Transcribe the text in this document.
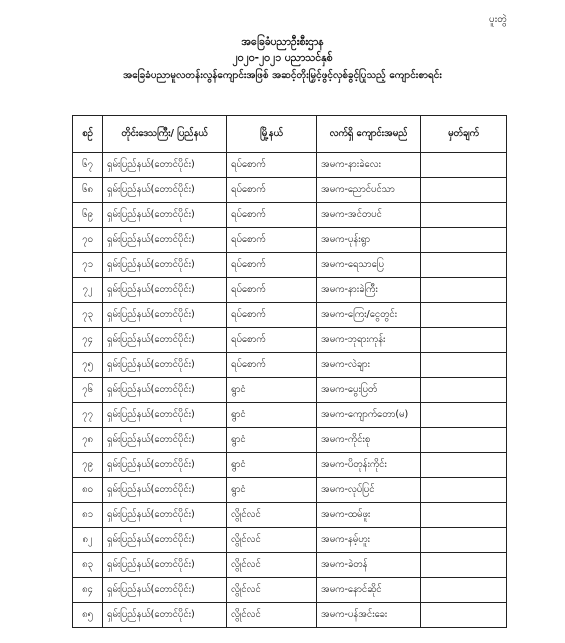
ပူးတွဲ
အခြေခံပညာဦးစီးဌာန
၂၀၂၀-၂၀၂၁ ပညာသင်နှစ်
အခြေခံပညာမူလတန်းလွန်ကျောင်းအဖြစ် အဆင့်တိုးမြှင့်ဖွင့်လှစ်ခွင့်ပြုသည့် ကျောင်းစာရင်း
စဉ်	တိုင်းဒေသကြီး/ ပြည်နယ်	မြို့နယ်	လက်ရှိ ကျောင်းအမည်	မှတ်ချက်
၆၇	ရှမ်းပြည်နယ်(တောင်ပိုင်း)	ရပ်စောက်	အမက-နားခဲလေး	
၆၈	ရှမ်းပြည်နယ်(တောင်ပိုင်း)	ရပ်စောက်	အမက-ညောင်ပင်သာ	
၆၉	ရှမ်းပြည်နယ်(တောင်ပိုင်း)	ရပ်စောက်	အမက-အင်တပင်	
၇၀	ရှမ်းပြည်နယ်(တောင်ပိုင်း)	ရပ်စောက်	အမက-ပုန်းရွာ	
၇၁	ရှမ်းပြည်နယ်(တောင်ပိုင်း)	ရပ်စောက်	အမက-ရေသာပြေ	
၇၂	ရှမ်းပြည်နယ်(တောင်ပိုင်း)	ရပ်စောက်	အမက-နားခဲကြီး	
၇၃	ရှမ်းပြည်နယ်(တောင်ပိုင်း)	ရပ်စောက်	အမက-ကြေး/ငွေတွင်း	
၇၄	ရှမ်းပြည်နယ်(တောင်ပိုင်း)	ရပ်စောက်	အမက-ဘုရားကုန်း	
၇၅	ရှမ်းပြည်နယ်(တောင်ပိုင်း)	ရပ်စောက်	အမက-လဲချား	
၇၆	ရှမ်းပြည်နယ်(တောင်ပိုင်း)	ရွာငံ	အမက-ပွေးပြတ်	
၇၇	ရှမ်းပြည်နယ်(တောင်ပိုင်း)	ရွာငံ	အမက-ကျောက်တော(မ)	
၇၈	ရှမ်းပြည်နယ်(တောင်ပိုင်း)	ရွာငံ	အမက-ကိုင်းစု	
၇၉	ရှမ်းပြည်နယ်(တောင်ပိုင်း)	ရွာငံ	အမက-ပိတုန်းကိုင်း	
၈၀	ရှမ်းပြည်နယ်(တောင်ပိုင်း)	ရွာငံ	အမက-လုပ်ပြင်	
၈၁	ရှမ်းပြည်နယ်(တောင်ပိုင်း)	လွိုင်လင်	အမက-ထမ်ဖူး	
၈၂	ရှမ်းပြည်နယ်(တောင်ပိုင်း)	လွိုင်လင်	အမက-နမ့်ဟူး	
၈၃	ရှမ်းပြည်နယ်(တောင်ပိုင်း)	လွိုင်လင်	အမက-ခဲတန်	
၈၄	ရှမ်းပြည်နယ်(တောင်ပိုင်း)	လွိုင်လင်	အမက-နောင်ဆိုင်	
၈၅	ရှမ်းပြည်နယ်(တောင်ပိုင်း)	လွိုင်လင်	အမက-ပန်အင်းခေး	
